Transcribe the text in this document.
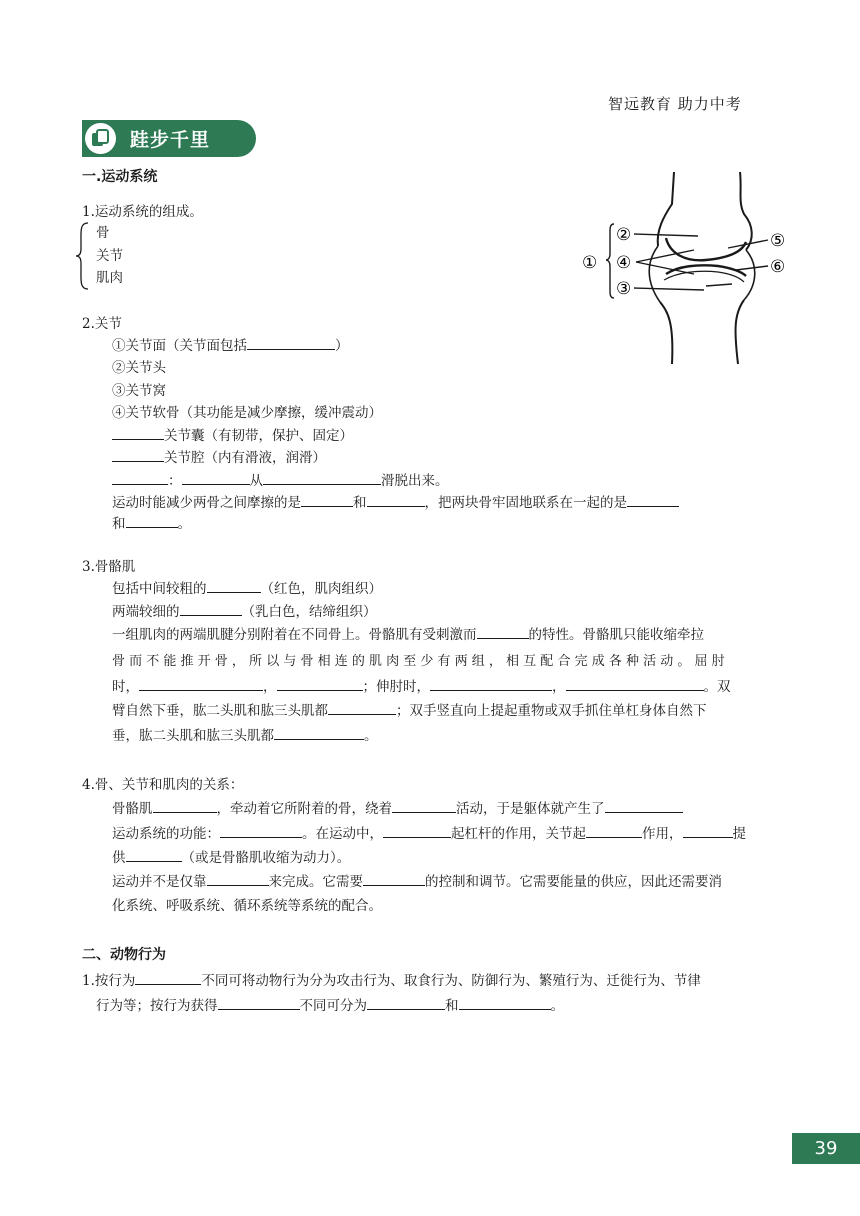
智远教育 助力中考
跬步千里
一.运动系统
1.运动系统的组成。
骨
关节
肌肉
①
②
③
④
⑤
⑥
2.关节
①关节面（关节面包括	）
②关节头
③关节窝
④关节软骨（其功能是减少摩擦，缓冲震动）
关节囊（有韧带，保护、固定）
关节腔（内有滑液，润滑）
：	从	滑脱出来。
运动时能减少两骨之间摩擦的是	和	，把两块骨牢固地联系在一起的是
和	。
3.骨骼肌
包括中间较粗的	（红色，肌肉组织）
两端较细的	（乳白色，结缔组织）
一组肌肉的两端肌腱分别附着在不同骨上。骨骼肌有受刺激而	的特性。骨骼肌只能收缩牵拉
骨 而 不 能 推 开 骨 ， 所 以 与 骨 相 连 的 肌 肉 至 少 有 两 组 ， 相 互 配 合 完 成 各 种 活 动 。 屈 肘
时，	，	；伸肘时，	，	。双
臂自然下垂，肱二头肌和肱三头肌都	；双手竖直向上提起重物或双手抓住单杠身体自然下
垂，肱二头肌和肱三头肌都	。
4.骨、关节和肌肉的关系：
骨骼肌	，牵动着它所附着的骨，绕着	活动，于是躯体就产生了
运动系统的功能：	。在运动中，	起杠杆的作用，关节起	作用，	提
供	（或是骨骼肌收缩为动力）。
运动并不是仅靠	来完成。它需要	的控制和调节。它需要能量的供应，因此还需要消
化系统、呼吸系统、循环系统等系统的配合。
二、动物行为
1.按行为	不同可将动物行为分为攻击行为、取食行为、防御行为、繁殖行为、迁徙行为、节律
行为等；按行为获得	不同可分为	和	。
39
